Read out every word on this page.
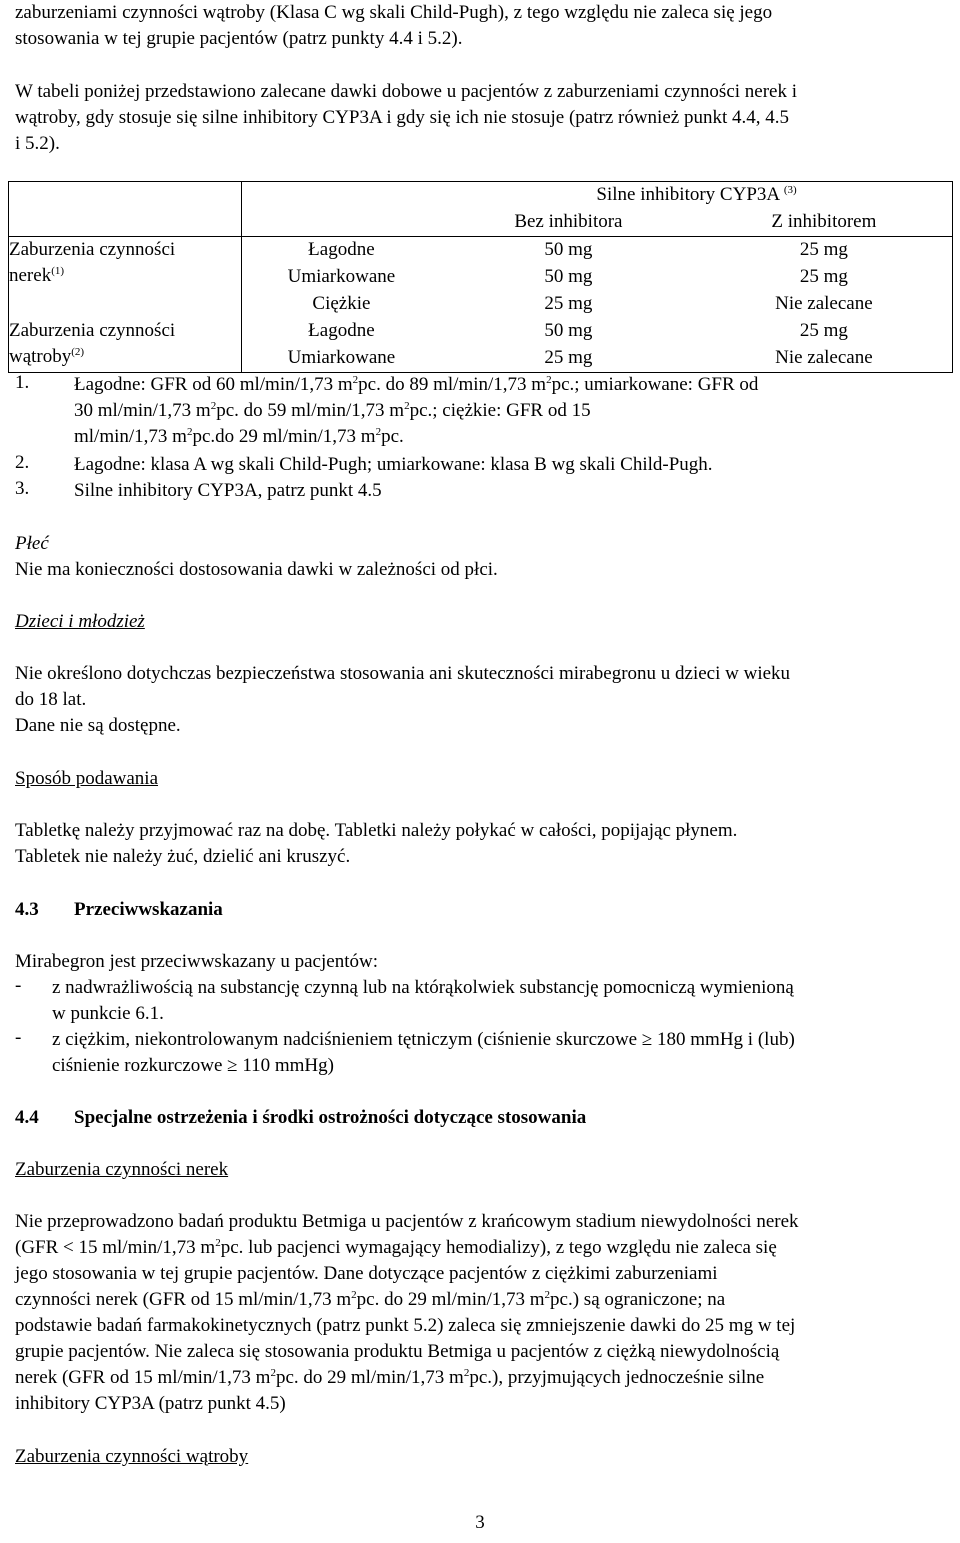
zaburzeniami czynności wątroby (Klasa C wg skali Child-Pugh), z tego względu nie zaleca się jego

stosowania w tej grupie pacjentów (patrz punkty 4.4 i 5.2).

W tabeli poniżej przedstawiono zalecane dawki dobowe u pacjentów z zaburzeniami czynności nerek i

wątroby, gdy stosuje się silne inhibitory CYP3A i gdy się ich nie stosuje (patrz również punkt 4.4, 4.5

i 5.2).

		Silne inhibitory CYP3A $^{(3)}$
		Bez inhibitora	Z inhibitorem
Zaburzenia czynności
nerek$^{(1)}$	Łagodne	50 mg	25 mg
	Umiarkowane	50 mg	25 mg
	Ciężkie	25 mg	Nie zalecane
Zaburzenia czynności
wątroby$^{(2)}$	Łagodne	50 mg	25 mg
	Umiarkowane	25 mg	Nie zalecane
1.	Łagodne: GFR od 60 ml/min/1,73 $m^2pc$. do 89 ml/min/1,73 $m^2pc$.; umiarkowane: GFR od
30 ml/min/1,73 $m^2pc$. do 59 ml/min/1,73 $m^2pc$.; ciężkie: GFR od 15
ml/min/1,73 $m^2pc.do$ 29 ml/min/1,73 $m^2pc$.

2.	Łagodne: klasa A wg skali Child-Pugh; umiarkowane: klasa B wg skali Child-Pugh.

3.	Silne inhibitory CYP3A, patrz punkt 4.5

Płeć

Nie ma konieczności dostosowania dawki w zależności od płci.

Dzieci i młodzież

Nie określono dotychczas bezpieczeństwa stosowania ani skuteczności mirabegronu u dzieci w wieku

do 18 lat.

Dane nie są dostępne.

Sposób podawania

Tabletkę należy przyjmować raz na dobę. Tabletki należy połykać w całości, popijając płynem.

Tabletek nie należy żuć, dzielić ani kruszyć.

4.3 Przeciwwskazania

Mirabegron jest przeciwwskazany u pacjentów:

-	z nadwrażliwością na substancję czynną lub na którąkolwiek substancję pomocniczą wymienioną
w punkcie 6.1.

-	z ciężkim, niekontrolowanym nadciśnieniem tętniczym (ciśnienie skurczowe ≥ 180 mmHg i (lub)
ciśnienie rozkurczowe ≥ 110 mmHg)

4.4 Specjalne ostrzeżenia i środki ostrożności dotyczące stosowania

Zaburzenia czynności nerek

Nie przeprowadzono badań produktu Betmiga u pacjentów z krańcowym stadium niewydolności nerek
(GFR < 15 ml/min/1,73 $m^2pc$. lub pacjenci wymagający hemodializy), z tego względu nie zaleca się
jego stosowania w tej grupie pacjentów. Dane dotyczące pacjentów z ciężkimi zaburzeniami
czynności nerek (GFR od 15 ml/min/1,73 $m^2pc$. do 29 ml/min/1,73 $m^2pc$.) są ograniczone; na
podstawie badań farmakokinetycznych (patrz punkt 5.2) zaleca się zmniejszenie dawki do 25 mg w tej
grupie pacjentów. Nie zaleca się stosowania produktu Betmiga u pacjentów z ciężką niewydolnością
nerek (GFR od 15 ml/min/1,73 $m^2pc$. do 29 ml/min/1,73 $m^2pc$.), przyjmujących jednocześnie silne
inhibitory CYP3A (patrz punkt 4.5)

Zaburzenia czynności wątroby

3
